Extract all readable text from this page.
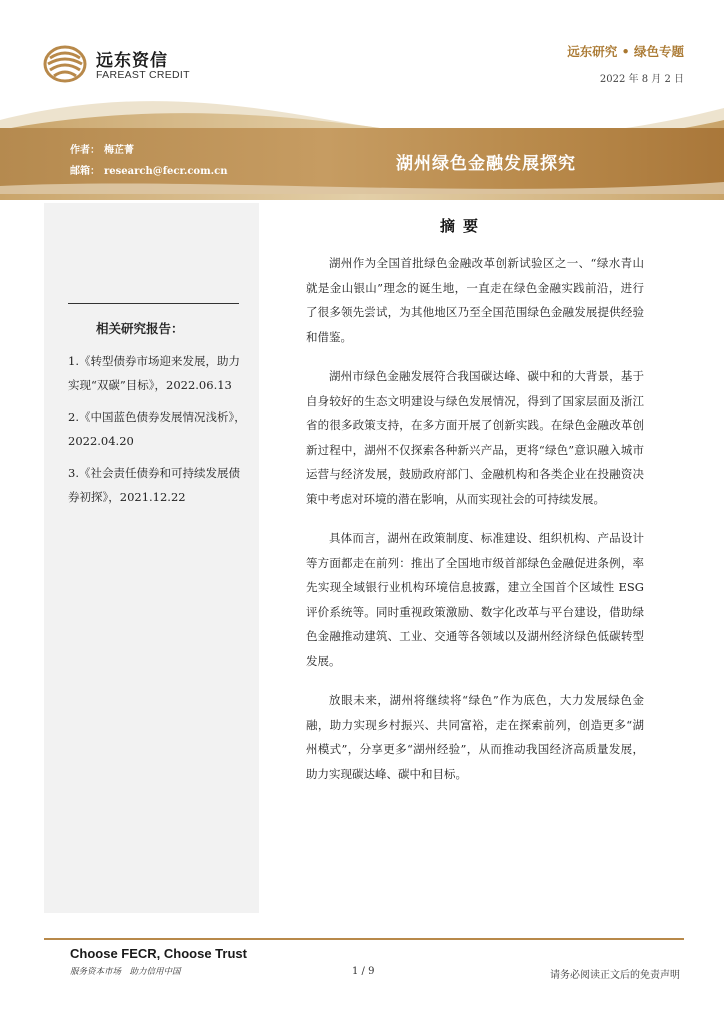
远东资信
FAREAST CREDIT
远东研究 • 绿色专题
2022 年 8 月 2 日
作者： 梅芷菁
邮箱： research@fecr.com.cn	湖州绿色金融发展探究
相关研究报告：
1.《转型债券市场迎来发展，助力实现“双碳”目标》，2022.06.13
2.《中国蓝色债券发展情况浅析》，2022.04.20
3.《社会责任债券和可持续发展债券初探》，2021.12.22
摘要

湖州作为全国首批绿色金融改革创新试验区之一、“绿水青山就是金山银山”理念的诞生地，一直走在绿色金融实践前沿，进行了很多领先尝试，为其他地区乃至全国范围绿色金融发展提供经验和借鉴。

湖州市绿色金融发展符合我国碳达峰、碳中和的大背景，基于自身较好的生态文明建设与绿色发展情况，得到了国家层面及浙江省的很多政策支持，在多方面开展了创新实践。在绿色金融改革创新过程中，湖州不仅探索各种新兴产品，更将“绿色”意识融入城市运营与经济发展，鼓励政府部门、金融机构和各类企业在投融资决策中考虑对环境的潜在影响，从而实现社会的可持续发展。

具体而言，湖州在政策制度、标准建设、组织机构、产品设计等方面都走在前列：推出了全国地市级首部绿色金融促进条例，率先实现全域银行业机构环境信息披露，建立全国首个区域性 ESG 评价系统等。同时重视政策激励、数字化改革与平台建设，借助绿色金融推动建筑、工业、交通等各领域以及湖州经济绿色低碳转型发展。

放眼未来，湖州将继续将“绿色”作为底色，大力发展绿色金融，助力实现乡村振兴、共同富裕，走在探索前列，创造更多“湖州模式”，分享更多“湖州经验”，从而推动我国经济高质量发展，助力实现碳达峰、碳中和目标。

Choose FECR, Choose Trust
服务资本市场　助力信用中国	1 / 9	请务必阅读正文后的免责声明
